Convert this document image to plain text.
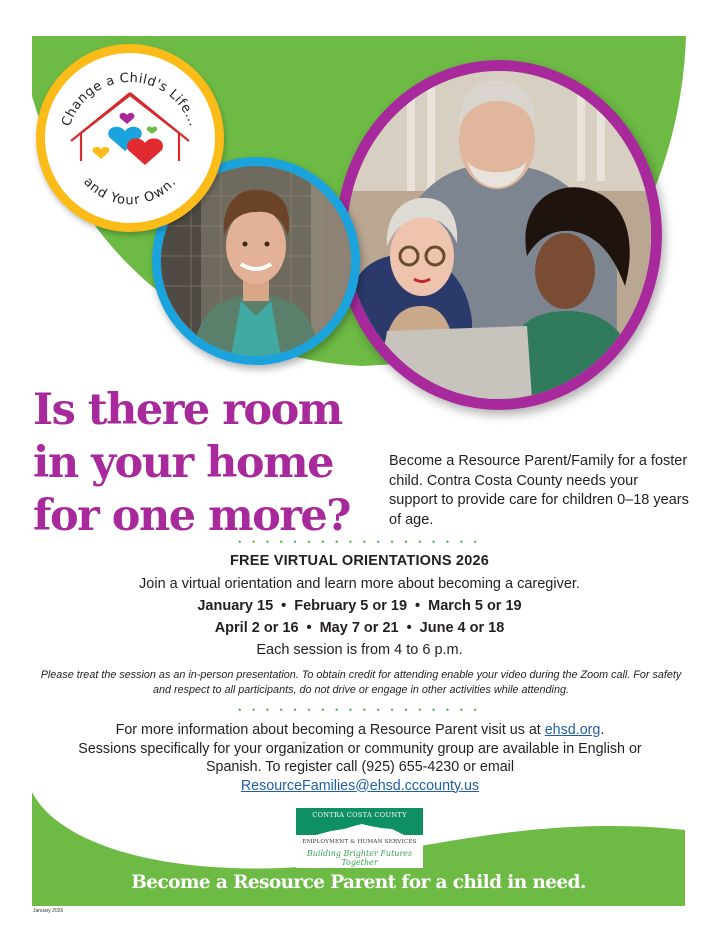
Change a Child's Life...
and Your Own.
Is there room
in your home
for one more?

Become a Resource Parent/Family for a foster child. Contra Costa County needs your support to provide care for children 0–18 years of age.

• • • • • • • • • • • • • • • • • •
FREE VIRTUAL ORIENTATIONS 2026
Join a virtual orientation and learn more about becoming a caregiver.
January 15 • February 5 or 19 • March 5 or 19
April 2 or 16 • May 7 or 21 • June 4 or 18
Each session is from 4 to 6 p.m.

Please treat the session as an in-person presentation. To obtain credit for attending enable your video during the Zoom call. For safety and respect to all participants, do not drive or engage in other activities while attending.

• • • • • • • • • • • • • • • • • •
For more information about becoming a Resource Parent visit us at ehsd.org.
Sessions specifically for your organization or community group are available in English or Spanish. To register call (925) 655-4230 or email
ResourceFamilies@ehsd.cccounty.us
CONTRA COSTA COUNTY
EMPLOYMENT & HUMAN SERVICES
Building Brighter Futures Together
Become a Resource Parent for a child in need.
January 2026
